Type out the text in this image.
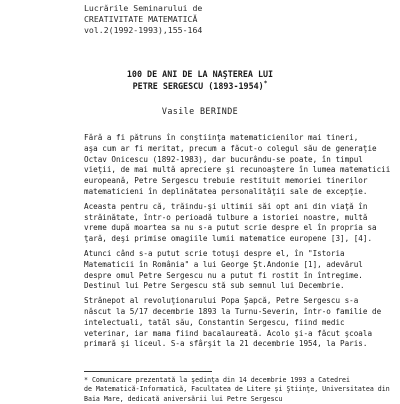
Lucrările Seminarului de
CREATIVITATE MATEMATICĂ
vol.2(1992-1993),155-164
100 DE ANI DE LA NAŞTEREA LUI
PETRE SERGESCU (1893-1954)*
Vasile BERINDE
Fără a fi pătruns în conştiinţa matematicienilor mai tineri,
aşa cum ar fi meritat, precum a făcut-o colegul său de generaţie
Octav Onicescu (1892-1983), dar bucurându-se poate, în timpul
vieţii, de mai multă apreciere şi recunoaştere în lumea matematicii
europeană, Petre Sergescu trebuie restituit memoriei tinerilor
matematicieni în deplinătatea personalităţii sale de excepţie.
Aceasta pentru că, trăindu-şi ultimii săi opt ani din viaţă în
străinătate, într-o perioadă tulbure a istoriei noastre, multă
vreme după moartea sa nu s-a putut scrie despre el în propria sa
ţară, deşi primise omagiile lumii matematice europene [3], [4].
Atunci când s-a putut scrie totuşi despre el, în "Istoria
Matematicii în România" a lui George Şt.Andonie [1], adevărul
despre omul Petre Sergescu nu a putut fi rostit în întregime.
Destinul lui Petre Sergescu stă sub semnul lui Decembrie.
Strănepot al revoluţionarului Popa Şapcă, Petre Sergescu s-a
născut la 5/17 decembrie 1893 la Turnu-Severin, într-o familie de
intelectuali, tatăl său, Constantin Sergescu, fiind medic
veterinar, iar mama fiind bacalaureată. Acolo şi-a făcut şcoala
primară şi liceul. S-a sfârşit la 21 decembrie 1954, la Paris.
* Comunicare prezentată la şedinţa din 14 decembrie 1993 a Catedrei
de Matematică-Informatică, Facultatea de Litere şi Ştiinţe, Universitatea din
Baia Mare, dedicată aniversării lui Petre Sergescu
